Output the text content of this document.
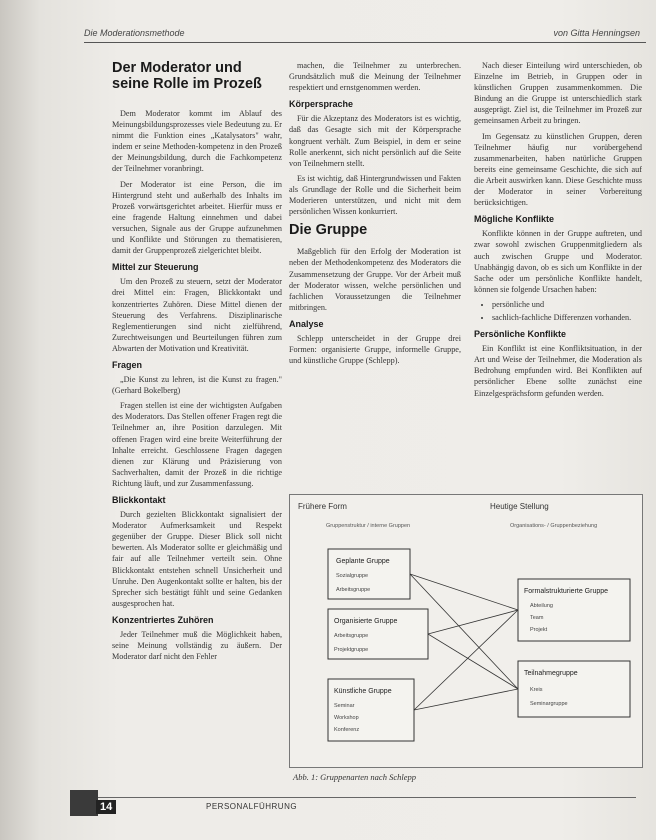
Die Moderationsmethode	von Gitta Henningsen
Der Moderator und seine Rolle im Prozeß

Dem Moderator kommt im Ablauf des Meinungsbildungsprozesses viele Bedeutung zu. Er nimmt die Funktion eines „Katalysators" wahr, indem er seine Methoden-kompetenz in den Prozeß der Meinungsbildung, durch die Fachkompetenz der Teilnehmer voranbringt.

Der Moderator ist eine Person, die im Hintergrund steht und außerhalb des Inhalts im Prozeß vorwärtsgerichtet arbeitet. Hierfür muss er eine fragende Haltung einnehmen und dabei versuchen, Signale aus der Gruppe aufzunehmen und Konflikte und Störungen zu thematisieren, damit der Gruppenprozeß zielgerichtet bleibt.

Mittel zur Steuerung

Um den Prozeß zu steuern, setzt der Moderator drei Mittel ein: Fragen, Blickkontakt und konzentriertes Zuhören. Diese Mittel dienen der Steuerung des Verfahrens. Disziplinarische Reglementierungen sind nicht zielführend, Zurechtweisungen und Beurteilungen führen zum Abwarten der Motivation und Kreativität.

Fragen

„Die Kunst zu lehren, ist die Kunst zu fragen." (Gerhard Bokelberg)

Fragen stellen ist eine der wichtigsten Aufgaben des Moderators. Das Stellen offener Fragen regt die Teilnehmer an, ihre Position darzulegen. Mit offenen Fragen wird eine breite Weiterführung der Inhalte erreicht. Geschlossene Fragen dagegen dienen zur Klärung und Präzisierung von Sachverhalten, damit der Prozeß in die richtige Richtung läuft, und zur Zusammenfassung.

Blickkontakt

Durch gezielten Blickkontakt signalisiert der Moderator Aufmerksamkeit und Respekt gegenüber der Gruppe. Dieser Blick soll nicht bewerten. Als Moderator sollte er gleichmäßig und fair auf alle Teilnehmer verteilt sein. Ohne Blickkontakt entstehen schnell Unsicherheit und Unruhe. Den Augenkontakt sollte er halten, bis der Sprecher sich bestätigt fühlt und seine Gedanken ausgesprochen hat.

Konzentriertes Zuhören

Jeder Teilnehmer muß die Möglichkeit haben, seine Meinung vollständig zu äußern. Der Moderator darf nicht den Fehler

machen, die Teilnehmer zu unterbrechen. Grundsätzlich muß die Meinung der Teilnehmer respektiert und ernstgenommen werden.

Körpersprache

Für die Akzeptanz des Moderators ist es wichtig, daß das Gesagte sich mit der Körpersprache kongruent verhält. Zum Beispiel, in dem er seine Rolle anerkennt, sich nicht persönlich auf die Seite von Teilnehmern stellt.

Es ist wichtig, daß Hintergrundwissen und Fakten als Grundlage der Rolle und die Sicherheit beim Moderieren unterstützen, und nicht mit dem persönlichen Wissen konkurriert.

Die Gruppe

Maßgeblich für den Erfolg der Moderation ist neben der Methodenkompetenz des Moderators die Zusammensetzung der Gruppe. Vor der Arbeit muß der Moderator wissen, welche persönlichen und fachlichen Voraussetzungen die Teilnehmer mitbringen.

Analyse

Schlepp unterscheidet in der Gruppe drei Formen: organisierte Gruppe, informelle Gruppe, und künstliche Gruppe (Schlepp).

Nach dieser Einteilung wird unterschieden, ob Einzelne im Betrieb, in Gruppen oder in künstlichen Gruppen zusammenkommen. Die Bindung an die Gruppe ist unterschiedlich stark ausgeprägt. Ziel ist, die Teilnehmer im Prozeß zur gemeinsamen Arbeit zu bringen.

Im Gegensatz zu künstlichen Gruppen, deren Teilnehmer häufig nur vorübergehend zusammenarbeiten, haben natürliche Gruppen bereits eine gemeinsame Geschichte, die sich auf die Arbeit auswirken kann. Diese Geschichte muss der Moderator in seiner Vorbereitung berücksichtigen.

Mögliche Konflikte

Konflikte können in der Gruppe auftreten, und zwar sowohl zwischen Gruppenmitgliedern als auch zwischen Gruppe und Moderator. Unabhängig davon, ob es sich um Konflikte in der Sache oder um persönliche Konflikte handelt, können sie folgende Ursachen haben:

• persönliche und
• sachlich-fachliche Differenzen vorhanden.
Persönliche Konflikte

Ein Konflikt ist eine Konfliktsituation, in der Art und Weise der Teilnehmer, die Moderation als Bedrohung empfunden wird. Bei Konflikten auf persönlicher Ebene sollte zunächst eine Einzelgesprächsform gefunden werden.

Frühere Form
Gruppenstruktur / interne Gruppen
Heutige Stellung
Organisations- / Gruppenbeziehung
Geplante Gruppe
Sozialgruppe
Arbeitsgruppe
Organisierte Gruppe
Arbeitsgruppe
Projektgruppe
Künstliche Gruppe
Seminar
Workshop
Konferenz
Formalstrukturierte Gruppe
Abteilung
Team
Projekt
Teilnahmegruppe
Kreis
Seminargruppe
Abb. 1: Gruppenarten nach Schlepp
14	PERSONALFÜHRUNG
